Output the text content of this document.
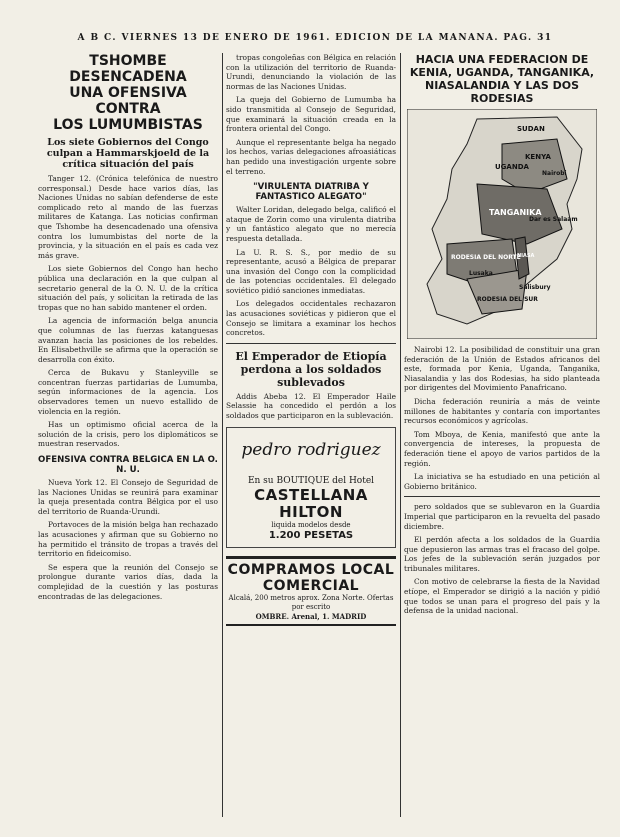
A B C. VIERNES 13 DE ENERO DE 1961. EDICION DE LA MAÑANA. PAG. 31
TSHOMBE DESENCADENA
UNA OFENSIVA CONTRA
LOS LUMUMBISTAS
Los siete Gobiernos del Congo culpan a Hammarskjoeld de la crítica situación del país

Tanger 12. (Crónica telefónica de nuestro corresponsal.) Desde hace varios días, las Naciones Unidas no sabían defenderse de este complicado reto al mando de las fuerzas militares de Katanga. Las noticias confirman que Tshombe ha desencadenado una ofensiva contra los lumumbistas del norte de la provincia, y la situación en el país es cada vez más grave.

Los siete Gobiernos del Congo han hecho pública una declaración en la que culpan al secretario general de la O. N. U. de la crítica situación del país, y solicitan la retirada de las tropas que no han sabido mantener el orden.

La agencia de información belga anuncia que columnas de las fuerzas katanguesas avanzan hacia las posiciones de los rebeldes. En Elisabethville se afirma que la operación se desarrolla con éxito.

Cerca de Bukavu y Stanleyville se concentran fuerzas partidarias de Lumumba, según informaciones de la agencia. Los observadores temen un nuevo estallido de violencia en la región.

Has un optimismo oficial acerca de la solución de la crisis, pero los diplomáticos se muestran reservados.

OFENSIVA CONTRA BELGICA EN LA O. N. U.

Nueva York 12. El Consejo de Seguridad de las Naciones Unidas se reunirá para examinar la queja presentada contra Bélgica por el uso del territorio de Ruanda-Urundi.

Portavoces de la misión belga han rechazado las acusaciones y afirman que su Gobierno no ha permitido el tránsito de tropas a través del territorio en fideicomiso.

Se espera que la reunión del Consejo se prolongue durante varios días, dada la complejidad de la cuestión y las posturas encontradas de las delegaciones.

tropas congoleñas con Bélgica en relación con la utilización del territorio de Ruanda-Urundi, denunciando la violación de las normas de las Naciones Unidas.

La queja del Gobierno de Lumumba ha sido transmitida al Consejo de Seguridad, que examinará la situación creada en la frontera oriental del Congo.

Aunque el representante belga ha negado los hechos, varias delegaciones afroasiáticas han pedido una investigación urgente sobre el terreno.

"VIRULENTA DIATRIBA Y FANTASTICO ALEGATO"

Walter Loridan, delegado belga, calificó el ataque de Zorin como una virulenta diatriba y un fantástico alegato que no merecía respuesta detallada.

La U. R. S. S., por medio de su representante, acusó a Bélgica de preparar una invasión del Congo con la complicidad de las potencias occidentales. El delegado soviético pidió sanciones inmediatas.

Los delegados occidentales rechazaron las acusaciones soviéticas y pidieron que el Consejo se limitara a examinar los hechos concretos.

El Emperador de Etiopía perdona a los soldados sublevados

Addis Abeba 12. El Emperador Haile Selassie ha concedido el perdón a los soldados que participaron en la sublevación.

pedro rodriguez
En su BOUTIQUE del Hotel
CASTELLANA HILTON
liquida modelos desde
1.200 PESETAS
COMPRAMOS LOCAL
COMERCIAL
Alcalá, 200 metros aprox. Zona Norte. Ofertas por escrito
OMBRE. Arenal, 1. MADRID
HACIA UNA FEDERACION DE
KENIA, UGANDA, TANGANIKA,
NIASALANDIA Y LAS DOS
RODESIAS
SUDAN
KENYA
UGANDA
Nairobi
TANGANIKA
Dar es Salaam
RODESIA DEL NORTE
Lusaka
NIASA
Salisbury
RODESIA DEL SUR

Nairobi 12. La posibilidad de constituir una gran federación de la Unión de Estados africanos del este, formada por Kenia, Uganda, Tanganika, Niasalandia y las dos Rodesias, ha sido planteada por dirigentes del Movimiento Panafricano.

Dicha federación reuniría a más de veinte millones de habitantes y contaría con importantes recursos económicos y agrícolas.

Tom Mboya, de Kenia, manifestó que ante la convergencia de intereses, la propuesta de federación tiene el apoyo de varios partidos de la región.

La iniciativa se ha estudiado en una petición al Gobierno británico.

pero soldados que se sublevaron en la Guardia Imperial que participaron en la revuelta del pasado diciembre.

El perdón afecta a los soldados de la Guardia que depusieron las armas tras el fracaso del golpe. Los jefes de la sublevación serán juzgados por tribunales militares.

Con motivo de celebrarse la fiesta de la Navidad etíope, el Emperador se dirigió a la nación y pidió que todos se unan para el progreso del país y la defensa de la unidad nacional.
